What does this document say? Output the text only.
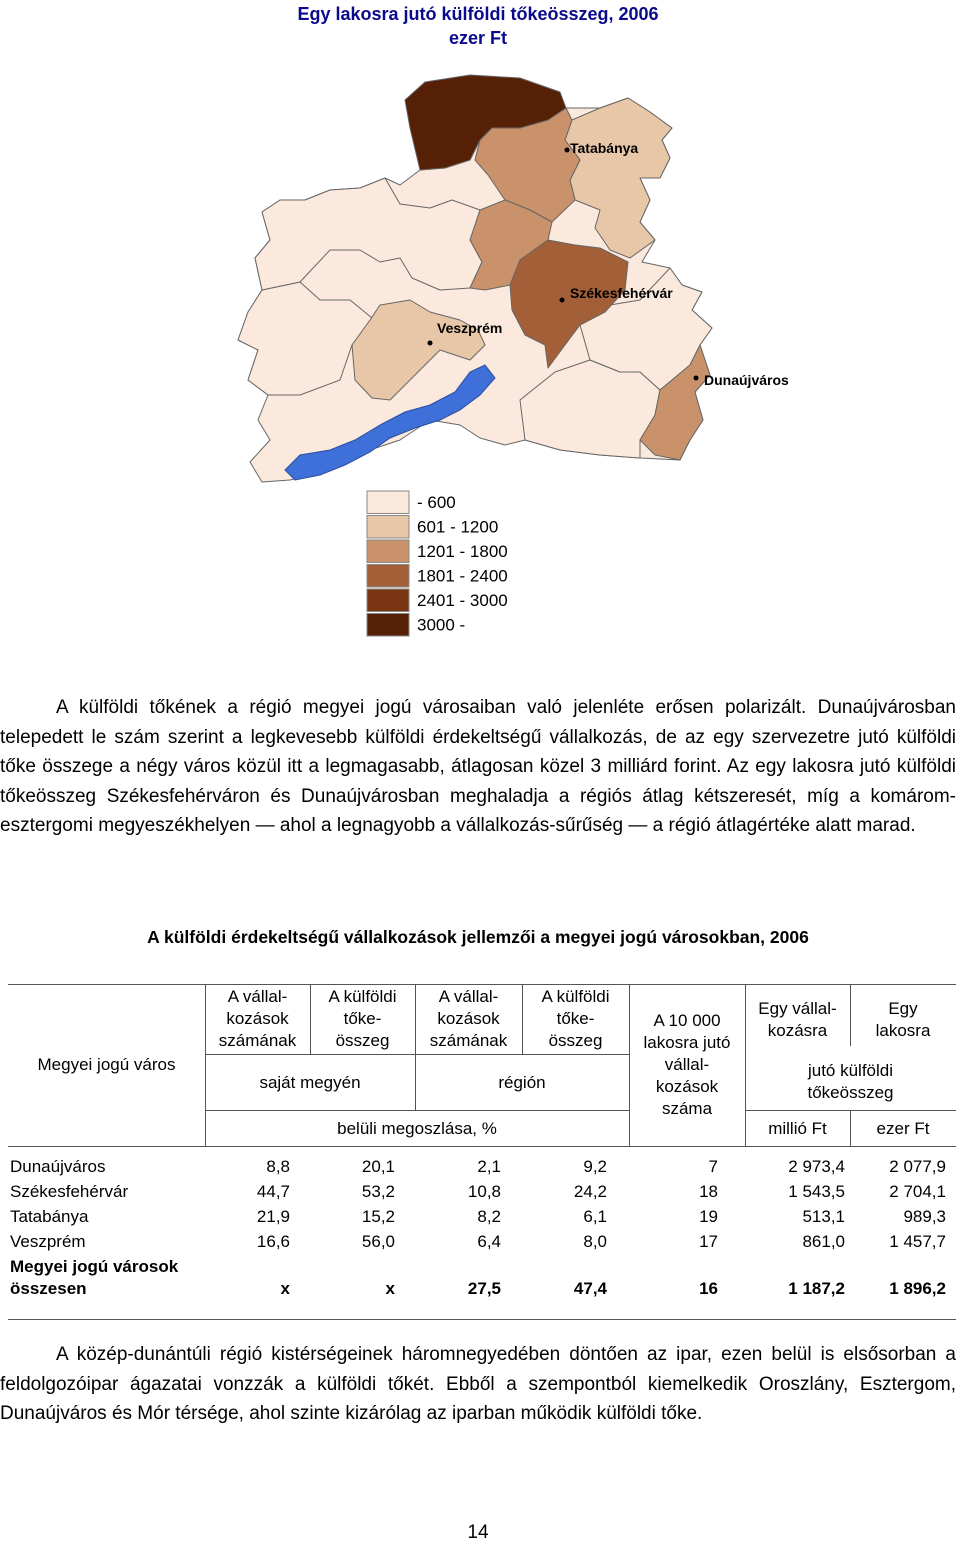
Egy lakosra jutó külföldi tőkeösszeg, 2006
ezer Ft
Tatabánya
Székesfehérvár
Veszprém
Dunaújváros
- 600
601 - 1200
1201 - 1800
1801 - 2400
2401 - 3000
3000 -

A külföldi tőkének a régió megyei jogú városaiban való jelenléte erősen polarizált. Dunaújvárosban telepedett le szám szerint a legkevesebb külföldi érdekeltségű vállalkozás, de az egy szervezetre jutó külföldi tőke összege a négy város közül itt a legmagasabb, átlagosan közel 3 milliárd forint. Az egy lakosra jutó külföldi tőkeösszeg Székesfehérváron és Dunaújvárosban meghaladja a régiós átlag kétszeresét, míg a komárom-esztergomi megyeszékhelyen — ahol a legnagyobb a vállalkozás-sűrűség — a régió átlagértéke alatt marad.

A külföldi érdekeltségű vállalkozások jellemzői a megyei jogú városokban, 2006
Megyei jogú város
A vállal-
kozások
számának
A külföldi
tőke-
összeg
A vállal-
kozások
számának
A külföldi
tőke-
összeg
saját megyén	régión
belüli megoszlása, %
A 10 000
lakosra jutó
vállal-
kozások
száma
Egy vállal-
kozásra
Egy
lakosra
jutó külföldi
tőkeösszeg
millió Ft	ezer Ft
Dunaújváros	8,8	20,1	2,1	9,2	7	2 973,4	2 077,9
Székesfehérvár	44,7	53,2	10,8	24,2	18	1 543,5	2 704,1
Tatabánya	21,9	15,2	8,2	6,1	19	513,1	989,3
Veszprém	16,6	56,0	6,4	8,0	17	861,0	1 457,7
Megyei jogú városok
összesen	x	x	27,5	47,4	16	1 187,2	1 896,2

A közép-dunántúli régió kistérségeinek háromnegyedében döntően az ipar, ezen belül is elsősorban a feldolgozóipar ágazatai vonzzák a külföldi tőkét. Ebből a szempontból kiemelkedik Oroszlány, Esztergom, Dunaújváros és Mór térsége, ahol szinte kizárólag az iparban működik külföldi tőke.

14
